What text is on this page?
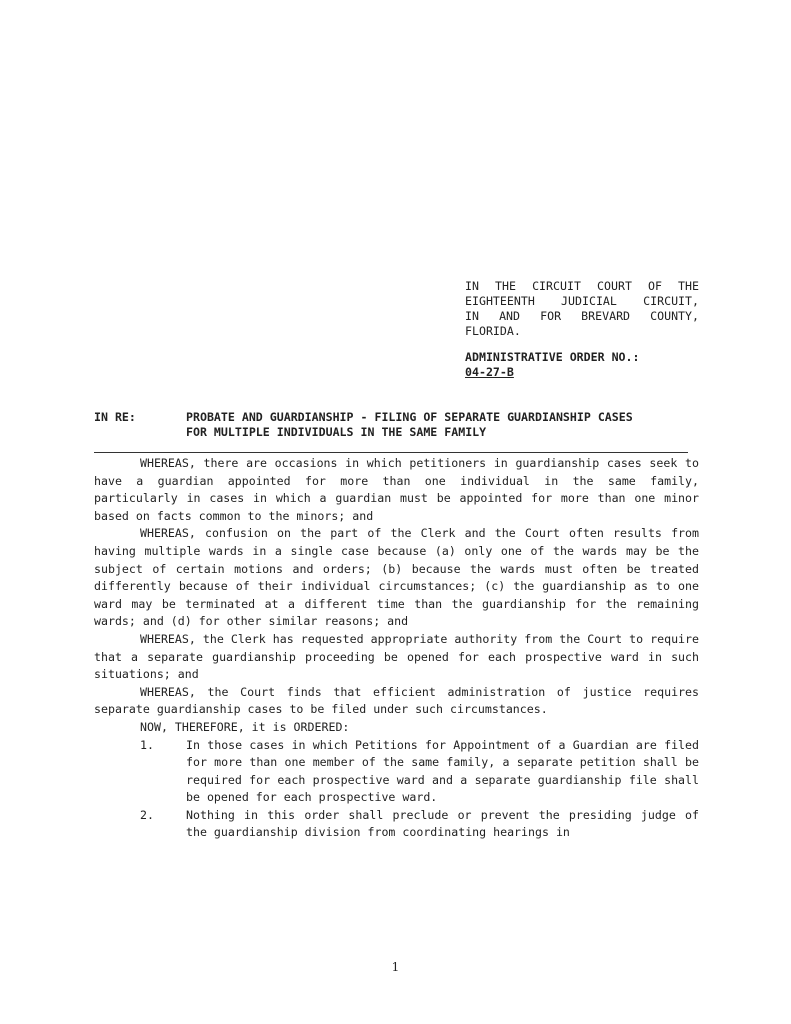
IN THE CIRCUIT COURT OF THE
EIGHTEENTH JUDICIAL CIRCUIT,
IN AND FOR BREVARD COUNTY,
FLORIDA.
ADMINISTRATIVE ORDER NO.:
04-27-B
IN RE:	PROBATE AND GUARDIANSHIP - FILING OF SEPARATE GUARDIANSHIP CASES
FOR MULTIPLE INDIVIDUALS IN THE SAME FAMILY

WHEREAS, there are occasions in which petitioners in guardianship cases seek to have a guardian appointed for more than one individual in the same family, particularly in cases in which a guardian must be appointed for more than one minor based on facts common to the minors; and

WHEREAS, confusion on the part of the Clerk and the Court often results from having multiple wards in a single case because (a) only one of the wards may be the subject of certain motions and orders; (b) because the wards must often be treated differently because of their individual circumstances; (c) the guardianship as to one ward may be terminated at a different time than the guardianship for the remaining wards; and (d) for other similar reasons; and

WHEREAS, the Clerk has requested appropriate authority from the Court to require that a separate guardianship proceeding be opened for each prospective ward in such situations; and

WHEREAS, the Court finds that efficient administration of justice requires separate guardianship cases to be filed under such circumstances.

NOW, THEREFORE, it is ORDERED:

1.	In those cases in which Petitions for Appointment of a Guardian are filed for more than one member of the same family, a separate petition shall be required for each prospective ward and a separate guardianship file shall be opened for each prospective ward.
2.	Nothing in this order shall preclude or prevent the presiding judge of the guardianship division from coordinating hearings in
1
